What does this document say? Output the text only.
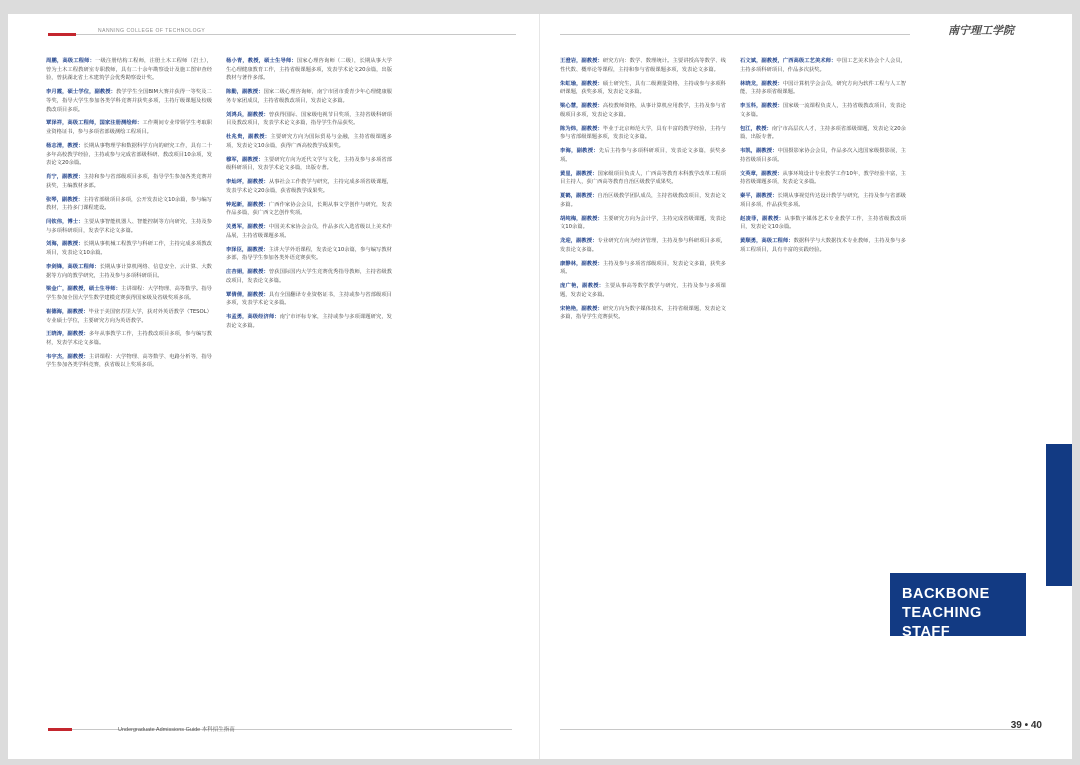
NANNING COLLEGE OF TECHNOLOGY

周鹏，高级工程师：一级注册结构工程师，注册土木工程师（岩土），曾为土木工程教研室专职教师，具有二十余年勘察设计及施工图审查经验，曾获湖北省土木建筑学会优秀勘察设计奖。

李月霞，硕士学位，副教授：教学学生全国BIM大赛并获得一等奖及二等奖，指导大学生参加各类学科竞赛并获奖多项，主持厅级课题及校级教改项目多项。

覃泽祥，高级工程师，国家注册测绘师：工作期间专业带领学生考取职业资格证书，参与多项省部级测绘工程项目。

杨志清，教授：长期从事物理学和数据科学方向的研究工作，具有二十多年高校教学经验，主持或参与完成省部级科研、教改项目10余项，发表论文20余篇。

肖宁，副教授：主持和参与省部级项目多项，指导学生参加各类竞赛并获奖，主编教材多部。

张琴，副教授：主持省部级项目多项，公开发表论文10余篇，参与编写教材，主持多门课程建设。

闫钦伟，博士：主要从事智能机器人、智能控制等方向研究，主持及参与多项科研项目，发表学术论文多篇。

刘海，副教授：长期从事机械工程教学与科研工作，主持完成多项教改项目，发表论文10余篇。

李剑锋，高级工程师：长期从事计算机网络、信息安全、云计算、大数据等方向的教学研究，主持及参与多项科研项目。

梁金广，副教授，硕士生导师：主讲课程：大学物理、高等数学。指导学生参加全国大学生数学建模竞赛获得国家级及省级奖项多项。

崔德海，副教授：毕业于美国密苏里大学，获对外英语教学（TESOL）专业硕士学位，主要研究方向为英语教学。

王晓涛，副教授：多年从事教学工作，主持教改项目多项，参与编写教材，发表学术论文多篇。

韦宇杰，副教授：主讲课程：大学物理、高等数学、电路分析等，指导学生参加各类学科竞赛，获省级以上奖项多项。

杨小青，教授，硕士生导师：国家心理咨询师（二级），长期从事大学生心理健康教育工作，主持省级课题多项，发表学术论文20余篇，出版教材与著作多部。

陈勤，副教授：国家二级心理咨询师，南宁市团市委青少年心理健康服务专家团成员，主持省级教改项目，发表论文多篇。

刘鸿兵，副教授：曾获得国际、国家级电视节目奖项，主持省级科研项目及教改项目，发表学术论文多篇，指导学生作品获奖。

杜兆贵，副教授：主要研究方向为国际贸易与金融，主持省级课题多项，发表论文10余篇，获得广西高校教学成果奖。

穆军，副教授：主要研究方向为近代文学与文化，主持及参与多项省部级科研项目，发表学术论文多篇，出版专著。

李灿坪，副教授：从事社会工作教学与研究，主持完成多项省级课题，发表学术论文20余篇，获省级教学成果奖。

钟起新，副教授：广西作家协会会员，长期从事文学创作与研究，发表作品多篇，获广西文艺创作奖项。

关勇军，副教授：中国美术家协会会员，作品多次入选省级以上美术作品展，主持省级课题多项。

李泽臣，副教授：主讲大学外语课程，发表论文10余篇，参与编写教材多部，指导学生参加各类外语竞赛获奖。

庄杏娟，副教授：曾获国际国内大学生竞赛优秀指导教师，主持省级教改项目，发表论文多篇。

覃倩倩，副教授：具有全国翻译专业资格证书，主持或参与省部级项目多项，发表学术论文多篇。

韦孟勇，高级经济师：南宁市评标专家，主持或参与多项课题研究，发表论文多篇。

Undergraduate Admissions Guide 本科招生指南
南宁理工学院

王澄岩，副教授：研究方向：数学、数理统计。主要讲授高等数学、线性代数、概率论等课程，主持和参与省级课题多项，发表论文多篇。

朱虹瑜，副教授：硕士研究生，具有二级测量资格，主持或参与多项科研课题，获奖多项，发表论文多篇。

梁心慧，副教授：高校教师资格，从事计算机应用教学，主持及参与省级项目多项，发表论文多篇。

陈为炜，副教授：毕业于北京师范大学，具有丰富的教学经验，主持与参与省部级课题多项，发表论文多篇。

李海，副教授：先后主持参与多项科研项目，发表论文多篇，获奖多项。

黄星，副教授：国家级项目负责人，广西高等教育本科教学改革工程项目主持人，获广西高等教育自治区级教学成果奖。

夏鹤，副教授：自治区级教学团队成员，主持省级教改项目，发表论文多篇。

胡纯梅，副教授：主要研究方向为会计学，主持完成省级课题，发表论文10余篇。

龙迎，副教授：专业研究方向为经济管理，主持及参与科研项目多项，发表论文多篇。

康静林，副教授：主持及参与多项省部级项目，发表论文多篇，获奖多项。

庞广艳，副教授：主要从事高等数学教学与研究，主持及参与多项课题，发表论文多篇。

宋艳艳，副教授：研究方向为数字媒体技术，主持省级课题，发表论文多篇，指导学生竞赛获奖。

石文斌，副教授，广西高级工艺美术师：中国工艺美术协会个人会员，主持多项科研项目，作品多次获奖。

林晓龙，副教授：中国计算机学会会员，研究方向为软件工程与人工智能，主持多项省级课题。

李玉科，副教授：国家级一流课程负责人，主持省级教改项目，发表论文多篇。

包江，教授：南宁市高层次人才，主持多项省部级课题，发表论文20余篇，出版专著。

韦凯，副教授：中国摄影家协会会员，作品多次入选国家级摄影展，主持省级项目多项。

文英章，副教授：从事环境设计专业教学工作10年，教学经验丰富，主持省级课题多项，发表论文多篇。

秦平，副教授：长期从事视觉传达设计教学与研究，主持及参与省部级项目多项，作品获奖多项。

赵凌菲，副教授：从事数字媒体艺术专业教学工作，主持省级教改项目，发表论文10余篇。

黄顺勇，高级工程师：数据科学与大数据技术专业教师，主持及参与多项工程项目，具有丰富的实践经验。

BACKBONE
TEACHING STAFF
39 • 40
